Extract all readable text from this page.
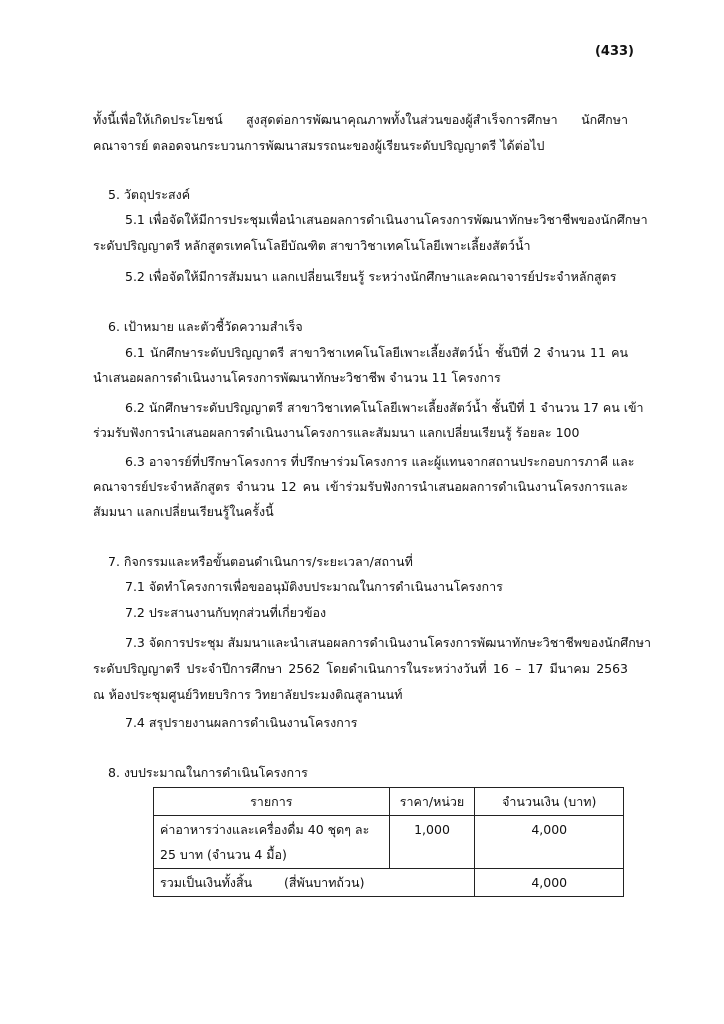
(433)
ทั้งนี้เพื่อให้เกิดประโยชน์ สูงสุดต่อการพัฒนาคุณภาพทั้งในส่วนของผู้สำเร็จการศึกษา นักศึกษา
คณาจารย์ ตลอดจนกระบวนการพัฒนาสมรรถนะของผู้เรียนระดับปริญญาตรี ได้ต่อไป
5. วัตถุประสงค์
5.1 เพื่อจัดให้มีการประชุมเพื่อนำเสนอผลการดำเนินงานโครงการพัฒนาทักษะวิชาชีพของนักศึกษา
ระดับปริญญาตรี หลักสูตรเทคโนโลยีบัณฑิต สาขาวิชาเทคโนโลยีเพาะเลี้ยงสัตว์น้ำ
5.2 เพื่อจัดให้มีการสัมมนา แลกเปลี่ยนเรียนรู้ ระหว่างนักศึกษาและคณาจารย์ประจำหลักสูตร
6. เป้าหมาย และตัวชี้วัดความสำเร็จ
6.1 นักศึกษาระดับปริญญาตรี สาขาวิชาเทคโนโลยีเพาะเลี้ยงสัตว์น้ำ ชั้นปีที่ 2 จำนวน 11 คน
นำเสนอผลการดำเนินงานโครงการพัฒนาทักษะวิชาชีพ จำนวน 11 โครงการ
6.2 นักศึกษาระดับปริญญาตรี สาขาวิชาเทคโนโลยีเพาะเลี้ยงสัตว์น้ำ ชั้นปีที่ 1 จำนวน 17 คน เข้า
ร่วมรับฟังการนำเสนอผลการดำเนินงานโครงการและสัมมนา แลกเปลี่ยนเรียนรู้ ร้อยละ 100
6.3 อาจารย์ที่ปรึกษาโครงการ ที่ปรึกษาร่วมโครงการ และผู้แทนจากสถานประกอบการภาคี และ
คณาจารย์ประจำหลักสูตร จำนวน 12 คน เข้าร่วมรับฟังการนำเสนอผลการดำเนินงานโครงการและ
สัมมนา แลกเปลี่ยนเรียนรู้ในครั้งนี้
7. กิจกรรมและหรือขั้นตอนดำเนินการ/ระยะเวลา/สถานที่
7.1 จัดทำโครงการเพื่อขออนุมัติงบประมาณในการดำเนินงานโครงการ
7.2 ประสานงานกับทุกส่วนที่เกี่ยวข้อง
7.3 จัดการประชุม สัมมนาและนำเสนอผลการดำเนินงานโครงการพัฒนาทักษะวิชาชีพของนักศึกษา
ระดับปริญญาตรี ประจำปีการศึกษา 2562 โดยดำเนินการในระหว่างวันที่ 16 – 17 มีนาคม 2563
ณ ห้องประชุมศูนย์วิทยบริการ วิทยาลัยประมงติณสูลานนท์
7.4 สรุปรายงานผลการดำเนินงานโครงการ
8. งบประมาณในการดำเนินโครงการ
รายการ	ราคา/หน่วย	จำนวนเงิน (บาท)

ค่าอาหารว่างและเครื่องดื่ม 40 ชุดๆ ละ
25 บาท (จำนวน 4 มื้อ)	1,000	4,000
รวมเป็นเงินทั้งสิ้น        (สี่พันบาทถ้วน)		4,000
